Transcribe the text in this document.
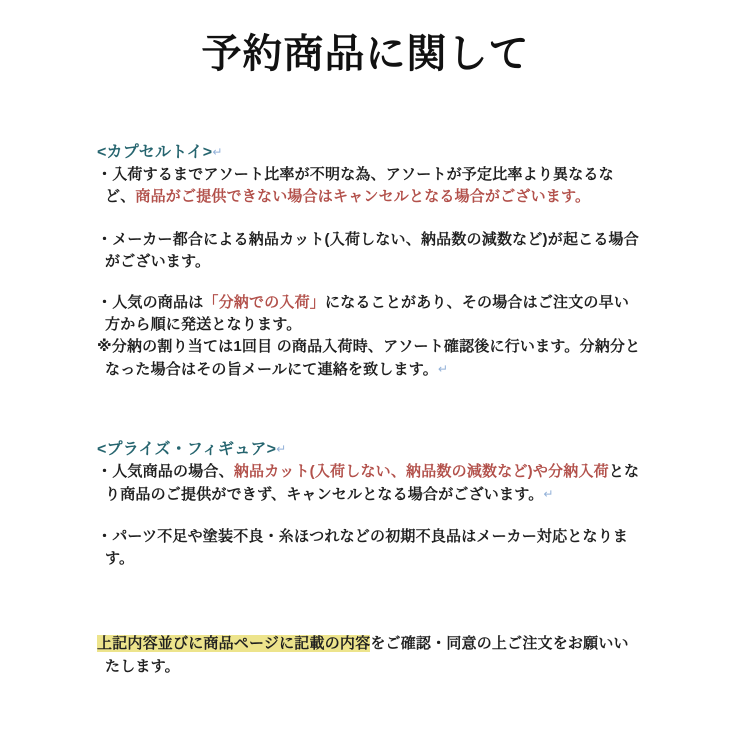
予約商品に関して
<カプセルトイ>↵

・入荷するまでアソート比率が不明な為、アソートが予定比率より異なるなど、商品がご提供できない場合はキャンセルとなる場合がございます。

・メーカー都合による納品カット(入荷しない、納品数の減数など)が起こる場合がございます。

・人気の商品は「分納での入荷」になることがあり、その場合はご注文の早い方から順に発送となります。

※分納の割り当ては1回目 の商品入荷時、アソート確認後に行います。分納分となった場合はその旨メールにて連絡を致します。↵

<プライズ・フィギュア>↵

・人気商品の場合、納品カット(入荷しない、納品数の減数など)や分納入荷となり商品のご提供ができず、キャンセルとなる場合がございます。↵

・パーツ不足や塗装不良・糸ほつれなどの初期不良品はメーカー対応となります。

上記内容並びに商品ページに記載の内容をご確認・同意の上ご注文をお願いいたします。
